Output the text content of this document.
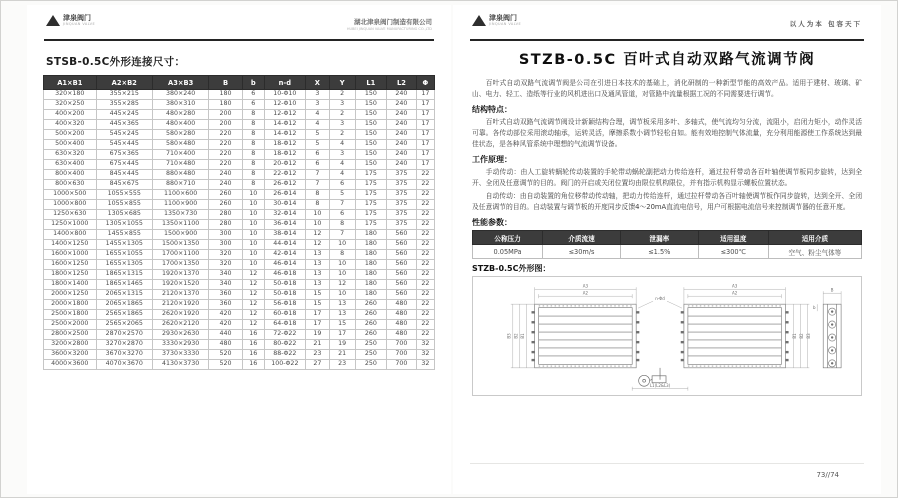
津泉阀门
JINQUAN VALVE	湖北津泉阀门制造有限公司
HUBEI JINQUAN VALVE MANUFACTURING CO.,LTD
STSB-0.5C外形连接尺寸：
A1×B1	A2×B2	A3×B3	B	b	n-d	X	Y	L1	L2	Φ
320×180	355×215	380×240	180	6	10-Φ10	3	2	150	240	17
320×250	355×285	380×310	180	6	12-Φ10	3	3	150	240	17
400×200	445×245	480×280	200	8	12-Φ12	4	2	150	240	17
400×320	445×365	480×400	200	8	14-Φ12	4	3	150	240	17
500×200	545×245	580×280	220	8	14-Φ12	5	2	150	240	17
500×400	545×445	580×480	220	8	18-Φ12	5	4	150	240	17
630×320	675×365	710×400	220	8	18-Φ12	6	3	150	240	17
630×400	675×445	710×480	220	8	20-Φ12	6	4	150	240	17
800×400	845×445	880×480	240	8	22-Φ12	7	4	175	375	22
800×630	845×675	880×710	240	8	26-Φ12	7	6	175	375	22
1000×500	1055×555	1100×600	260	10	26-Φ14	8	5	175	375	22
1000×800	1055×855	1100×900	260	10	30-Φ14	8	7	175	375	22
1250×630	1305×685	1350×730	280	10	32-Φ14	10	6	175	375	22
1250×1000	1305×1055	1350×1100	280	10	36-Φ14	10	8	175	375	22
1400×800	1455×855	1500×900	300	10	38-Φ14	12	7	180	560	22
1400×1250	1455×1305	1500×1350	300	10	44-Φ14	12	10	180	560	22
1600×1000	1655×1055	1700×1100	320	10	42-Φ14	13	8	180	560	22
1600×1250	1655×1305	1700×1350	320	10	46-Φ14	13	10	180	560	22
1800×1250	1865×1315	1920×1370	340	12	46-Φ18	13	10	180	560	22
1800×1400	1865×1465	1920×1520	340	12	50-Φ18	13	12	180	560	22
2000×1250	2065×1315	2120×1370	360	12	50-Φ18	15	10	180	560	22
2000×1800	2065×1865	2120×1920	360	12	56-Φ18	15	13	260	480	22
2500×1800	2565×1865	2620×1920	420	12	60-Φ18	17	13	260	480	22
2500×2000	2565×2065	2620×2120	420	12	64-Φ18	17	15	260	480	22
2800×2500	2870×2570	2930×2630	440	16	72-Φ22	19	17	260	480	22
3200×2800	3270×2870	3330×2930	480	16	80-Φ22	21	19	250	700	32
3600×3200	3670×3270	3730×3330	520	16	88-Φ22	23	21	250	700	32
4000×3600	4070×3670	4130×3730	520	16	100-Φ22	27	23	250	700	32
津泉阀门
JINQUAN VALVE	以人为本 包容天下
STZB-0.5C 百叶式自动双路气流调节阀

百叶式自动双路气流调节阀是公司在引进日本技术的基础上，消化研制的一种新型节能的高效产品。适用于建材、玻璃、矿山、电力、轻工、造纸等行业的风机进出口及通风管道，对管路中流量根据工况的不同需要进行调节。

结构特点：

百叶式自动双路气流调节阀设计新颖结构合理，调节板采用多叶、多轴式，使气流均匀分流，流阻小，启闭力矩小，动作灵活可靠。各传动部位采用滚动轴承，运转灵活，摩擦系数小调节轻松自如。能有效地控制气体流量，充分利用能源使工作系统达到最佳状态，是各种风管系统中理想的气流调节设备。

工作原理：

手动传动：由人工旋转蜗轮传动装置的手轮带动蜗轮副把动力传给连杆，通过拉杆带动各百叶轴使调节板同步旋转，达到全开、全闭及任意调节的目的。阀门的开启或关闭位置均由限位机构限位，并有指示机构显示螺板位置状态。

自动传动：由自动装置的角位移带动传动轴，把动力传给连杆，通过拉杆带动各百叶轴使调节板作同步旋转，达到全开、全闭及任意调节的目的。自动装置与调节板的开度同步反馈4～20mA直流电信号，用户可根据电流信号来控制调节器的任意开度。

性能参数：
公称压力	介质流速	泄漏率	适用温度	适用介质
0.05MPa	≤30m/s	≤1.5%	≤300℃	空气、粉尘气体等
STZB-0.5C外形图：
A3
A2
B3 B2 B1
A3
A2
B1 B2 B3
n-Φd
L1(L2&L3)
B
b
73//74
